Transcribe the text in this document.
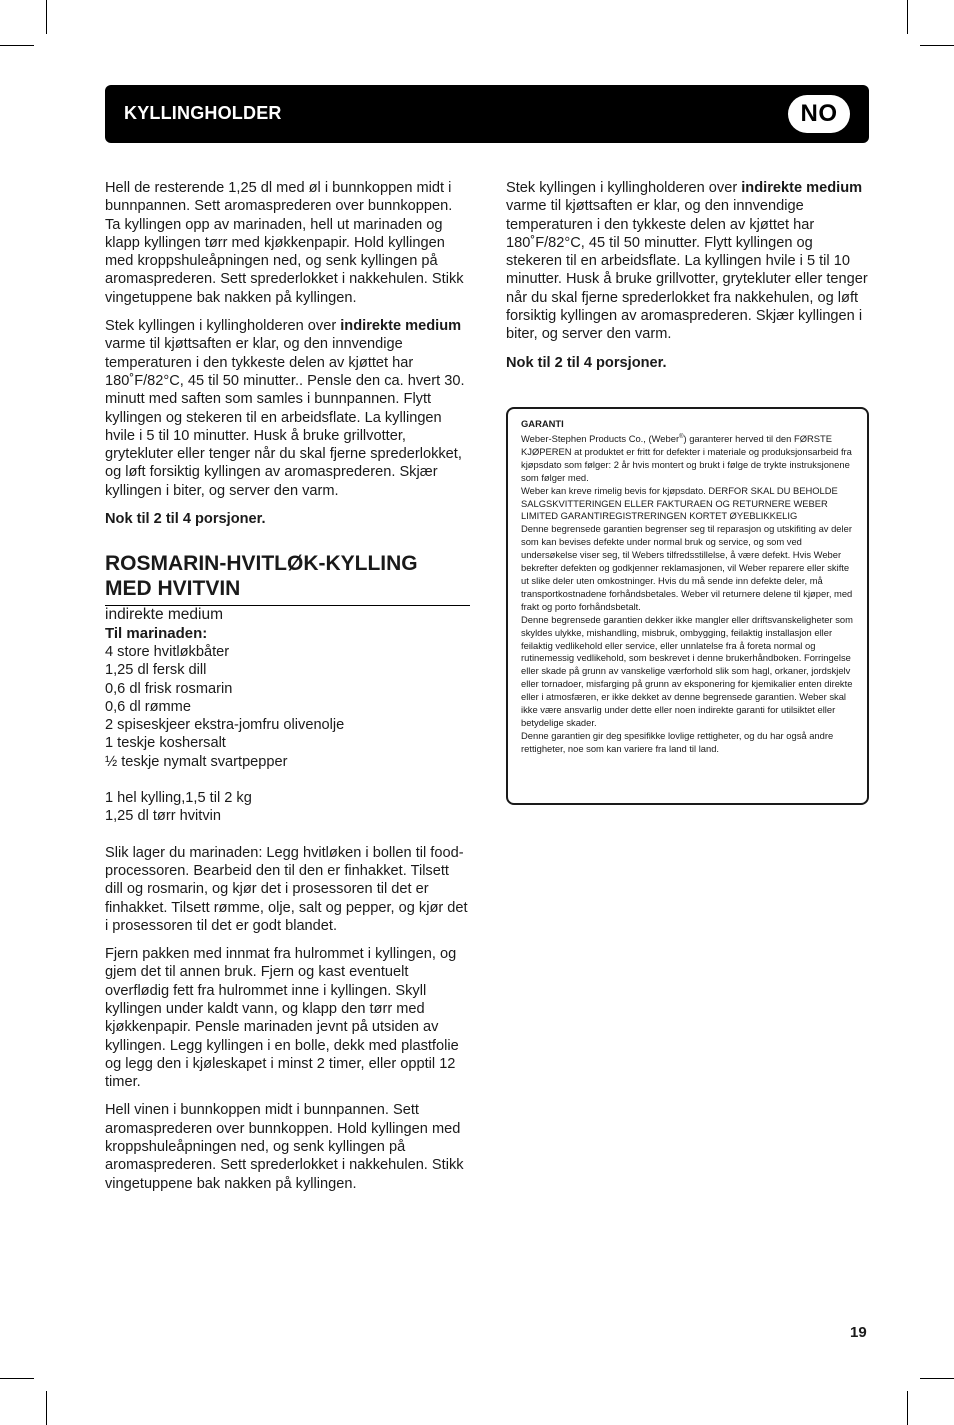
KYLLINGHOLDER	NO

Hell de resterende 1,25 dl med øl i bunnkoppen midt i bunnpannen. Sett aromasprederen over bunnkoppen. Ta kyllingen opp av marinaden, hell ut marinaden og klapp kyllingen tørr med kjøkkenpapir. Hold kyllingen med kroppshuleåpningen ned, og senk kyllingen på aromasprederen. Sett sprederlokket i nakkehulen. Stikk vingetuppene bak nakken på kyllingen.

Stek kyllingen i kyllingholderen over indirekte medium varme til kjøttsaften er klar, og den innvendige temperaturen i den tykkeste delen av kjøttet har 180˚F/82°C, 45 til 50 minutter.. Pensle den ca. hvert 30. minutt med saften som samles i bunnpannen. Flytt kyllingen og stekeren til en arbeidsflate. La kyllingen hvile i 5 til 10 minutter. Husk å bruke grillvotter, grytekluter eller tenger når du skal fjerne sprederlokket, og løft forsiktig kyllingen av aromasprederen. Skjær kyllingen i biter, og server den varm.

Nok til 2 til 4 porsjoner.

ROSMARIN-HVITLØK-KYLLING
MED HVITVIN

indirekte medium

Til marinaden:

4 store hvitløkbåter

1,25 dl fersk dill

0,6 dl frisk rosmarin

0,6 dl rømme

2 spiseskjeer ekstra-jomfru olivenolje

1 teskje koshersalt

½ teskje nymalt svartpepper

1 hel kylling,1,5 til 2 kg

1,25 dl tørr hvitvin

Slik lager du marinaden: Legg hvitløken i bollen til food-processoren. Bearbeid den til den er finhakket. Tilsett dill og rosmarin, og kjør det i prosessoren til det er finhakket. Tilsett rømme, olje, salt og pepper, og kjør det i prosessoren til det er godt blandet.

Fjern pakken med innmat fra hulrommet i kyllingen, og gjem det til annen bruk. Fjern og kast eventuelt overflødig fett fra hulrommet inne i kyllingen. Skyll kyllingen under kaldt vann, og klapp den tørr med kjøkkenpapir. Pensle marinaden jevnt på utsiden av kyllingen. Legg kyllingen i en bolle, dekk med plastfolie og legg den i kjøleskapet i minst 2 timer, eller opptil 12 timer.

Hell vinen i bunnkoppen midt i bunnpannen. Sett aromasprederen over bunnkoppen. Hold kyllingen med kroppshuleåpningen ned, og senk kyllingen på aromasprederen. Sett sprederlokket i nakkehulen. Stikk vingetuppene bak nakken på kyllingen.

Stek kyllingen i kyllingholderen over indirekte medium varme til kjøttsaften er klar, og den innvendige temperaturen i den tykkeste delen av kjøttet har 180˚F/82°C, 45 til 50 minutter. Flytt kyllingen og stekeren til en arbeidsflate. La kyllingen hvile i 5 til 10 minutter. Husk å bruke grillvotter, grytekluter eller tenger når du skal fjerne sprederlokket fra nakkehulen, og løft forsiktig kyllingen av aromasprederen. Skjær kyllingen i biter, og server den varm.

Nok til 2 til 4 porsjoner.

GARANTI

Weber-Stephen Products Co., (Weber®) garanterer herved til den FØRSTE KJØPEREN at produktet er fritt for defekter i materiale og produksjonsarbeid fra kjøpsdato som følger: 2 år hvis montert og brukt i følge de trykte instruksjonene som følger med.

Weber kan kreve rimelig bevis for kjøpsdato. DERFOR SKAL DU BEHOLDE SALGSKVITTERINGEN ELLER FAKTURAEN OG RETURNERE WEBER LIMITED GARANTIREGISTRERINGEN KORTET ØYEBLIKKELIG

Denne begrensede garantien begrenser seg til reparasjon og utskifiting av deler som kan bevises defekte under normal bruk og service, og som ved undersøkelse viser seg, til Webers tilfredsstillelse, å være defekt. Hvis Weber bekrefter defekten og godkjenner reklamasjonen, vil Weber reparere eller skifte ut slike deler uten omkostninger. Hvis du må sende inn defekte deler, må transportkostnadene forhåndsbetales. Weber vil returnere delene til kjøper, med frakt og porto forhåndsbetalt.

Denne begrensede garantien dekker ikke mangler eller driftsvanskeligheter som skyldes ulykke, mishandling, misbruk, ombygging, feilaktig installasjon eller feilaktig vedlikehold eller service, eller unnlatelse fra å foreta normal og rutinemessig vedlikehold, som beskrevet i denne brukerhåndboken. Forringelse eller skade på grunn av vanskelige værforhold slik som hagl, orkaner, jordskjelv eller tornadoer, misfarging på grunn av eksponering for kjemikalier enten direkte eller i atmosfæren, er ikke dekket av denne begrensede garantien. Weber skal ikke være ansvarlig under dette eller noen indirekte garanti for utilsiktet eller betydelige skader.

Denne garantien gir deg spesifikke lovlige rettigheter, og du har også andre rettigheter, noe som kan variere fra land til land.

19
